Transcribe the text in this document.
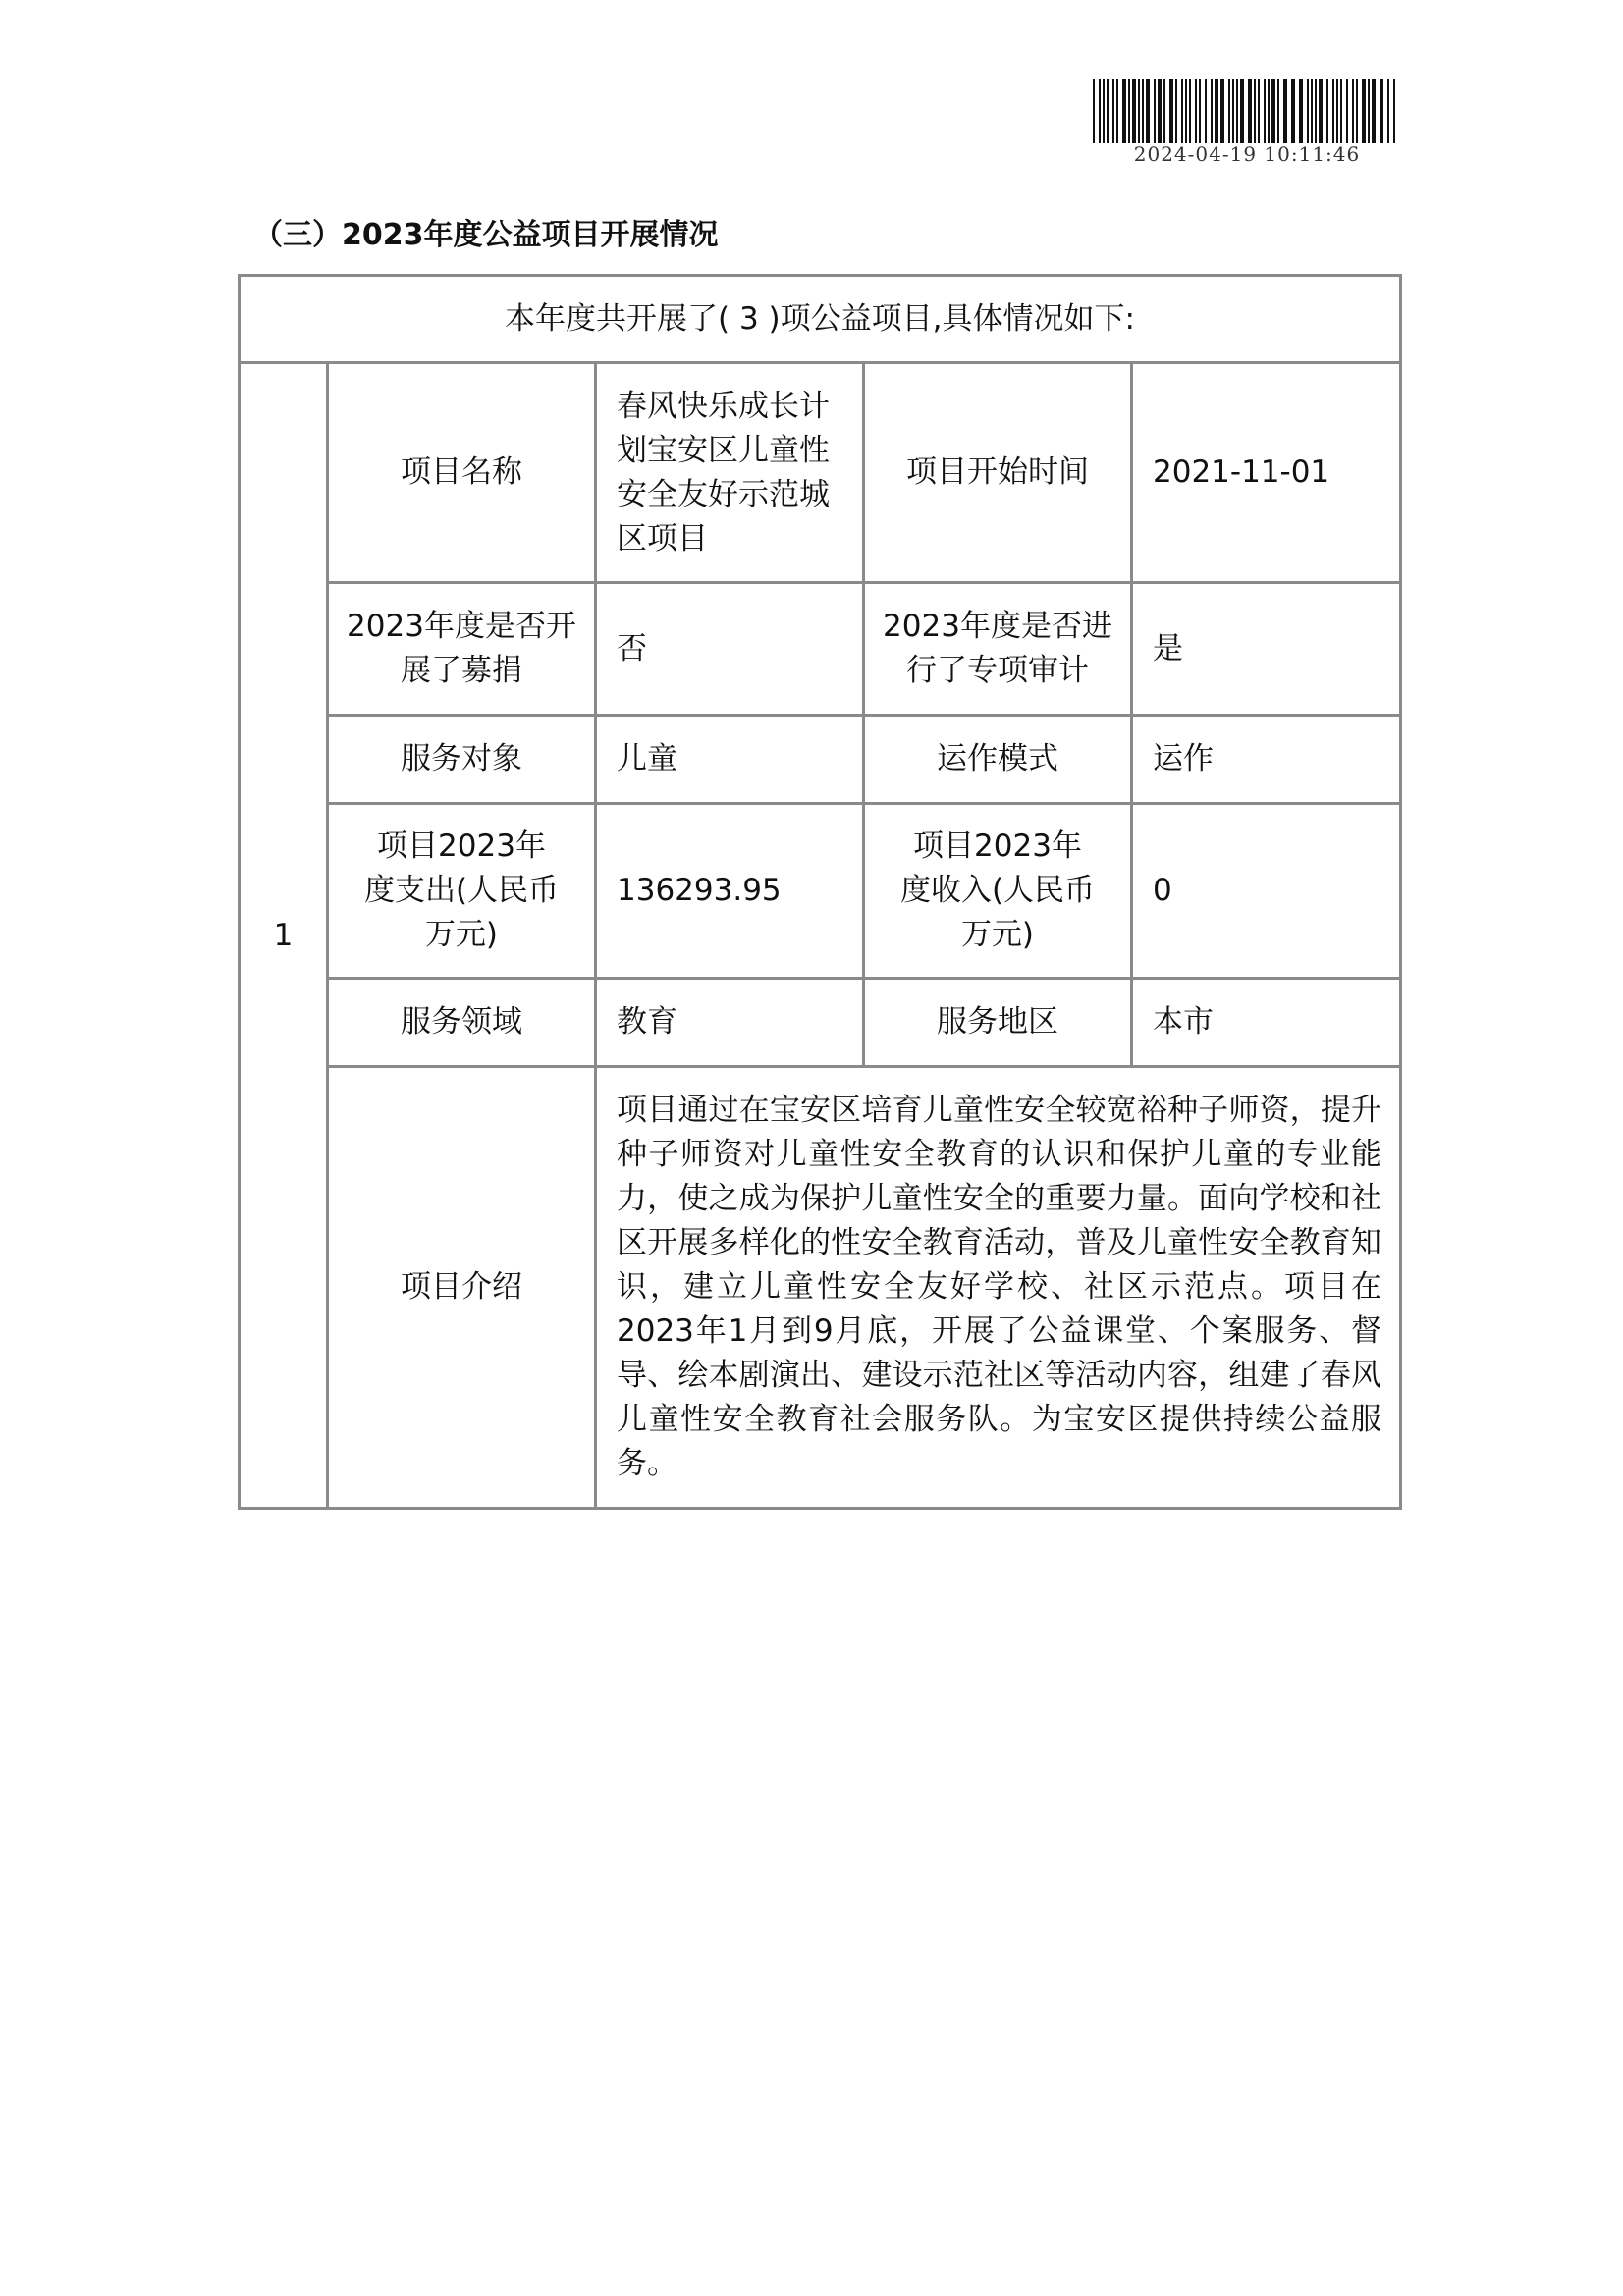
2024-04-19 10:11:46
（三）2023年度公益项目开展情况
本年度共开展了( 3 )项公益项目,具体情况如下:				
1	项目名称	春风快乐成长计划宝安区儿童性安全友好示范城区项目	项目开始时间	2021-11-01
	2023年度是否开展了募捐	否	2023年度是否进行了专项审计	是
	服务对象	儿童	运作模式	运作
	项目2023年度支出(人民币万元)	136293.95	项目2023年度收入(人民币万元)	0
	服务领域	教育	服务地区	本市
	项目介绍	项目通过在宝安区培育儿童性安全较宽裕种子师资，提升种子师资对儿童性安全教育的认识和保护儿童的专业能力，使之成为保护儿童性安全的重要力量。面向学校和社区开展多样化的性安全教育活动，普及儿童性安全教育知识，建立儿童性安全友好学校、社区示范点。项目在2023年1月到9月底，开展了公益课堂、个案服务、督导、绘本剧演出、建设示范社区等活动内容，组建了春风儿童性安全教育社会服务队。为宝安区提供持续公益服务。		
